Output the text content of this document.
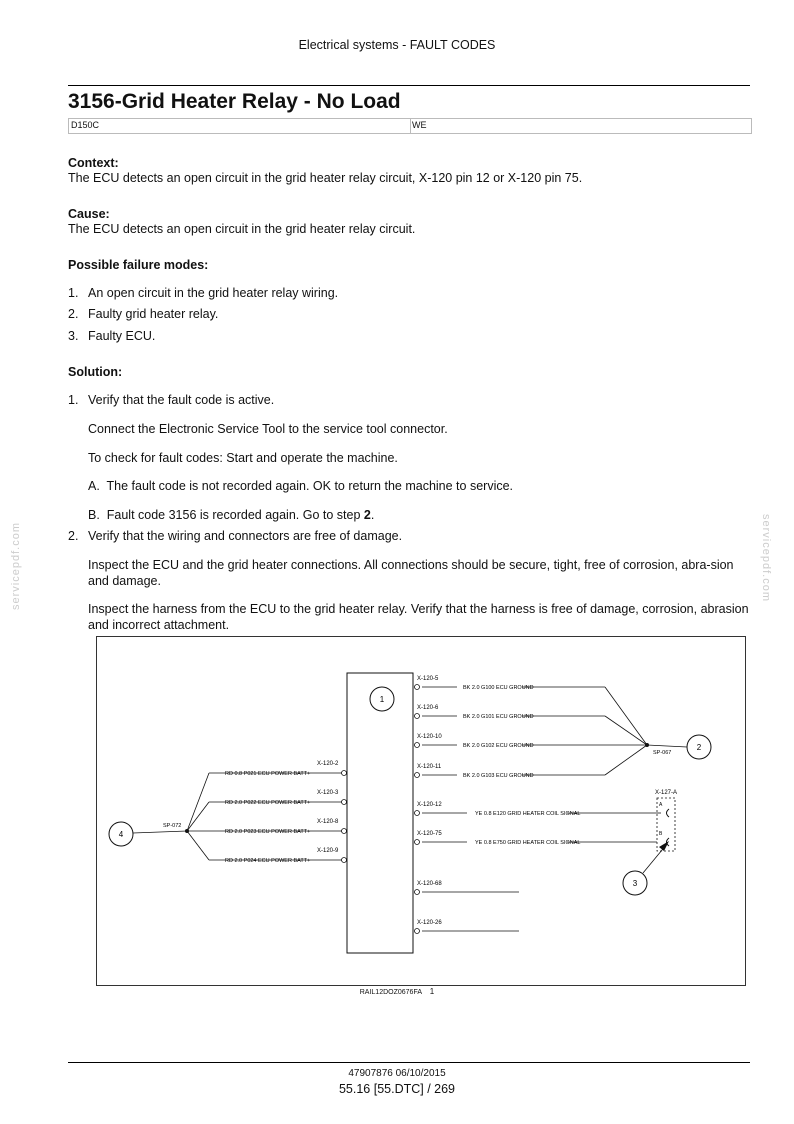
Electrical systems - FAULT CODES
3156-Grid Heater Relay - No Load
D150C	WE
Context:
The ECU detects an open circuit in the grid heater relay circuit, X-120 pin 12 or X-120 pin 75.
Cause:
The ECU detects an open circuit in the grid heater relay circuit.
Possible failure modes:
1. An open circuit in the grid heater relay wiring.
2. Faulty grid heater relay.
3. Faulty ECU.
Solution:
1. Verify that the fault code is active.
Connect the Electronic Service Tool to the service tool connector.
To check for fault codes: Start and operate the machine.
A. The fault code is not recorded again. OK to return the machine to service.
B. Fault code 3156 is recorded again. Go to step 2.
2. Verify that the wiring and connectors are free of damage.
Inspect the ECU and the grid heater connections. All connections should be secure, tight, free of corrosion, abra-sion and damage.
Inspect the harness from the ECU to the grid heater relay. Verify that the harness is free of damage, corrosion, abrasion and incorrect attachment.
servicepdf.com	servicepdf.com
1
X-120-5
X-120-6
X-120-10
X-120-11
X-120-12
X-120-75
X-120-68
X-120-26
BK 2.0 G100 ECU GROUND
BK 2.0 G101 ECU GROUND
BK 2.0 G102 ECU GROUND
BK 2.0 G103 ECU GROUND
YE 0.8 E120 GRID HEATER COIL SIGNAL
YE 0.8 E750 GRID HEATER COIL SIGNAL
SP-067
2
X-127-A
A
B
3
X-120-2
X-120-3
X-120-8
X-120-9
RD 0.8 P021 ECU POWER BATT+
RD 2.0 P022 ECU POWER BATT+
RD 2.0 P023 ECU POWER BATT+
RD 2.0 P024 ECU POWER BATT+
SP-072
4
RAIL12DOZ0676FA 1
47907876 06/10/2015
55.16 [55.DTC] / 269
